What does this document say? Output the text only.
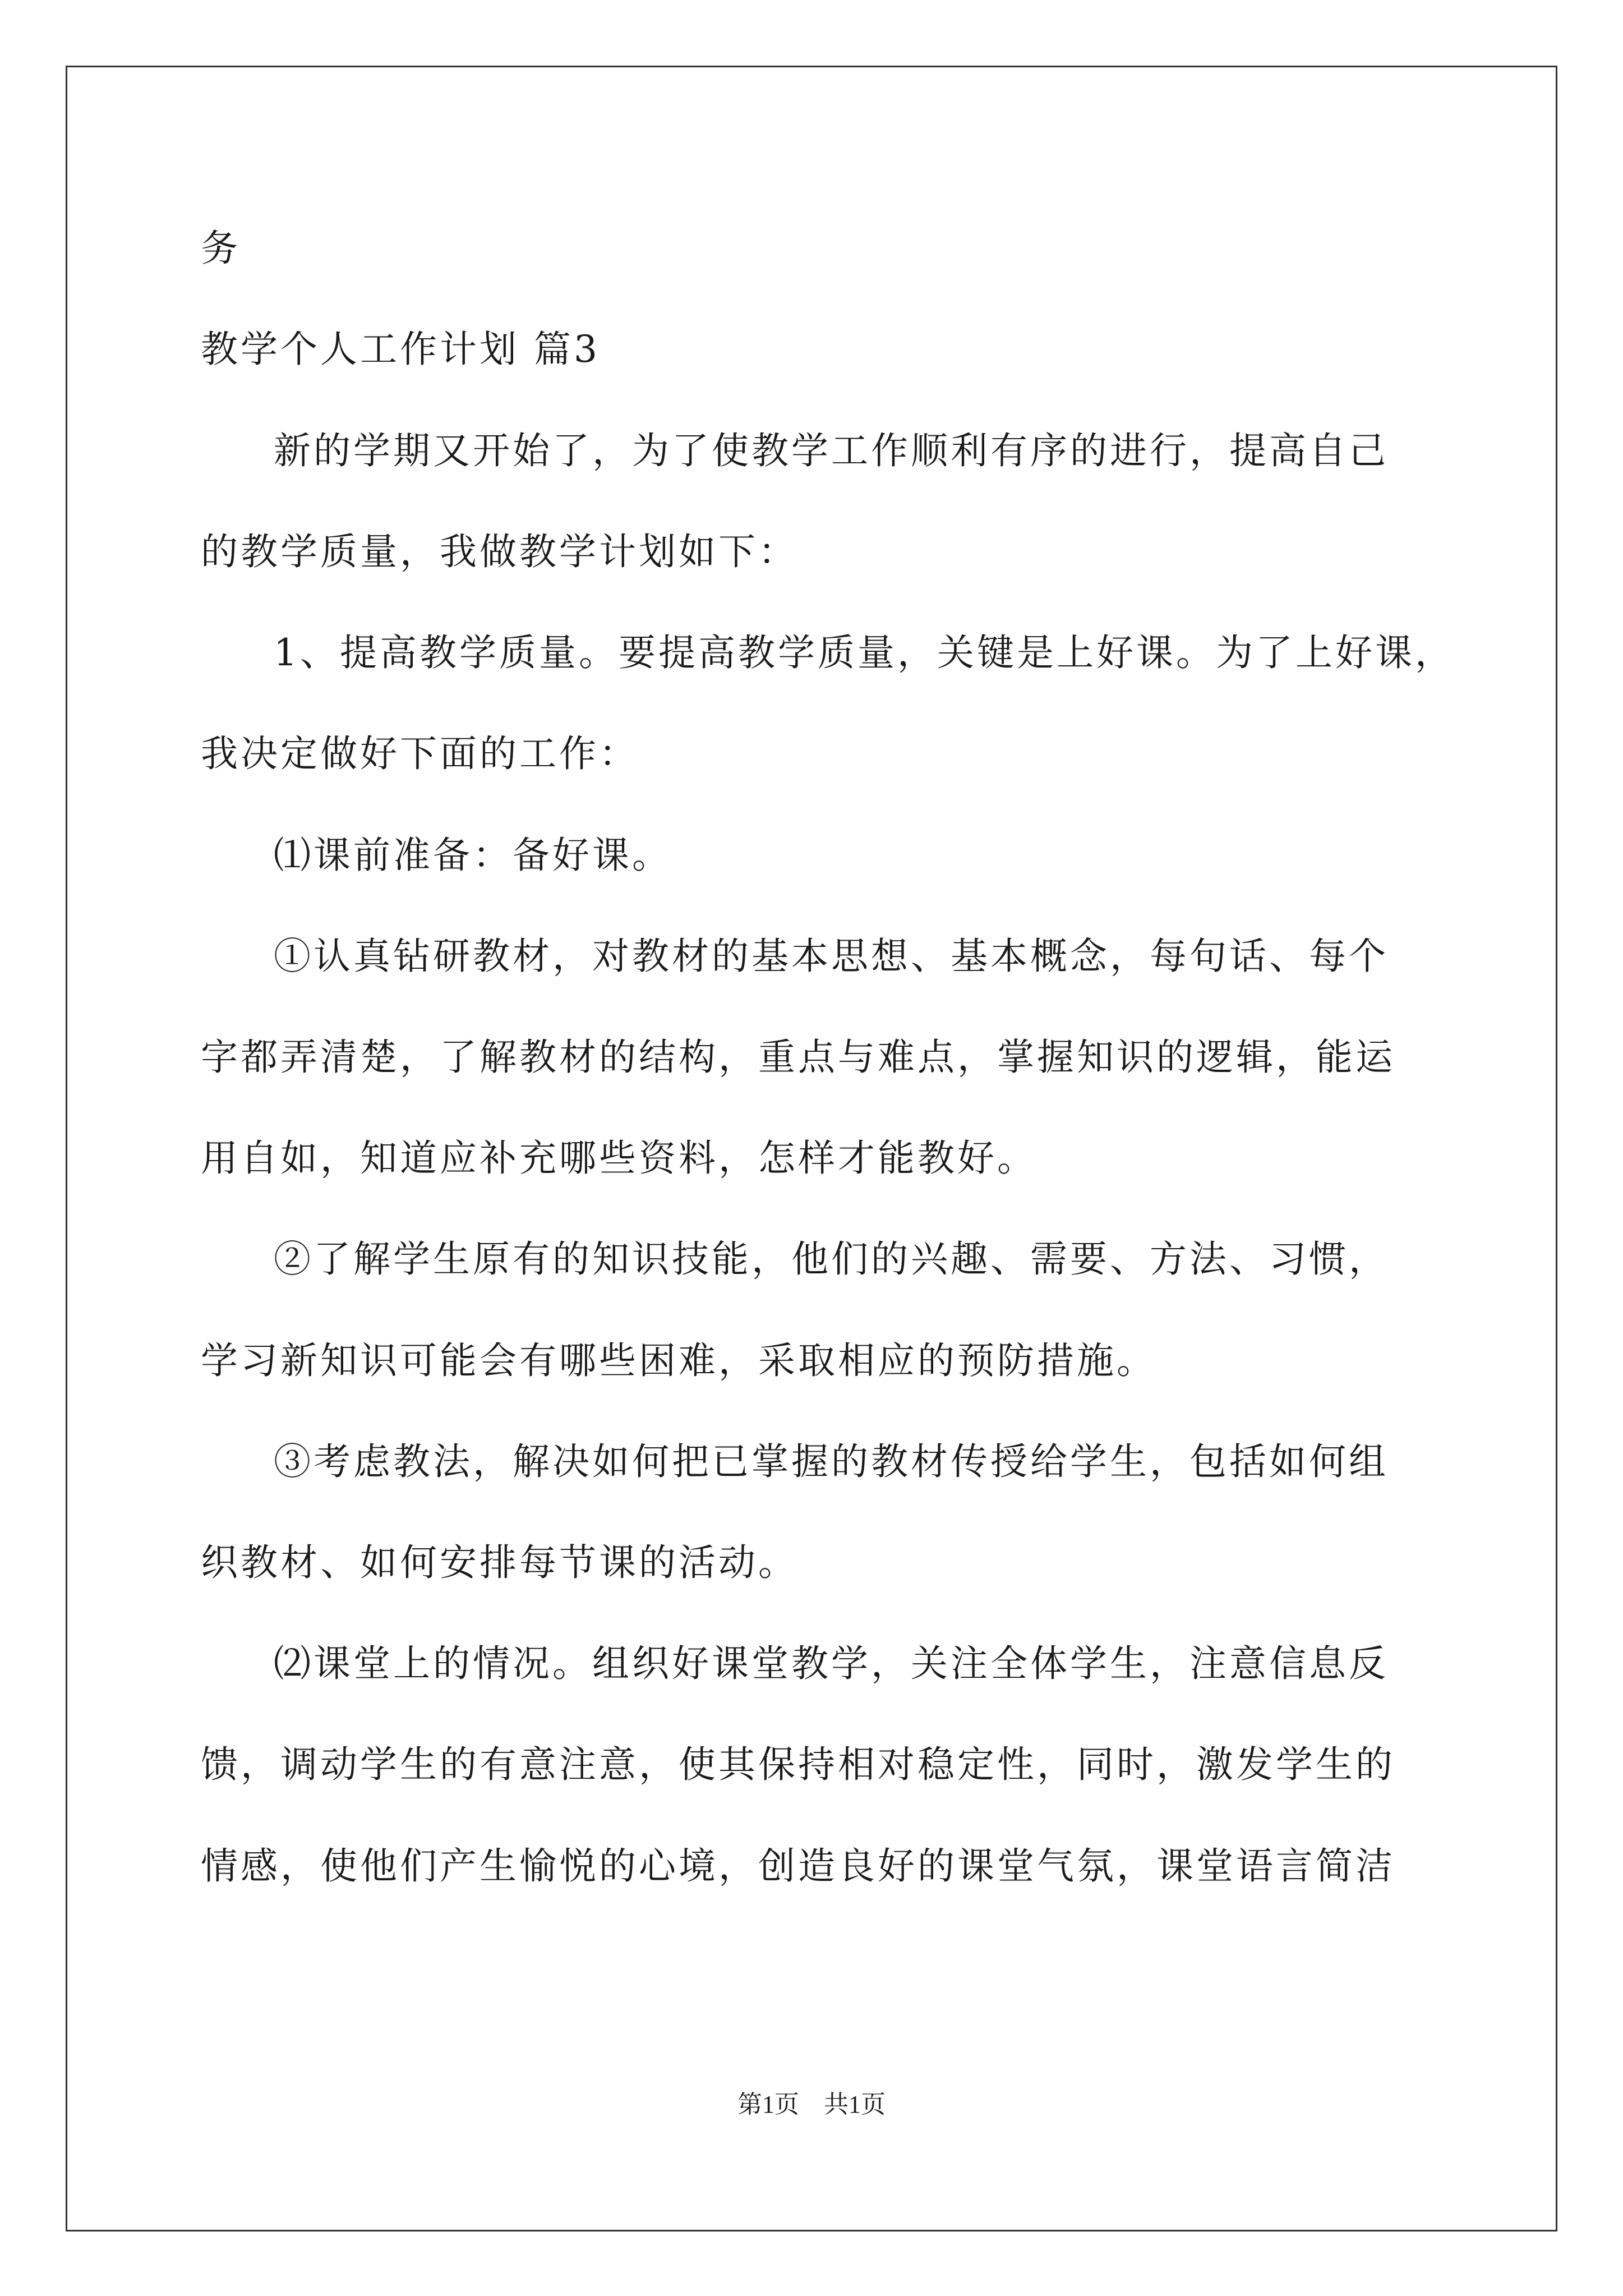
务

教学个人工作计划 篇3

新的学期又开始了，为了使教学工作顺利有序的进行，提高自己

的教学质量，我做教学计划如下：

1、提高教学质量。要提高教学质量，关键是上好课。为了上好课，

我决定做好下面的工作：

⑴课前准备：备好课。

①认真钻研教材，对教材的基本思想、基本概念，每句话、每个

字都弄清楚，了解教材的结构，重点与难点，掌握知识的逻辑，能运

用自如，知道应补充哪些资料，怎样才能教好。

②了解学生原有的知识技能，他们的兴趣、需要、方法、习惯，

学习新知识可能会有哪些困难，采取相应的预防措施。

③考虑教法，解决如何把已掌握的教材传授给学生，包括如何组

织教材、如何安排每节课的活动。

⑵课堂上的情况。组织好课堂教学，关注全体学生，注意信息反

馈，调动学生的有意注意，使其保持相对稳定性，同时，激发学生的

情感，使他们产生愉悦的心境，创造良好的课堂气氛，课堂语言简洁

第1页　共1页
